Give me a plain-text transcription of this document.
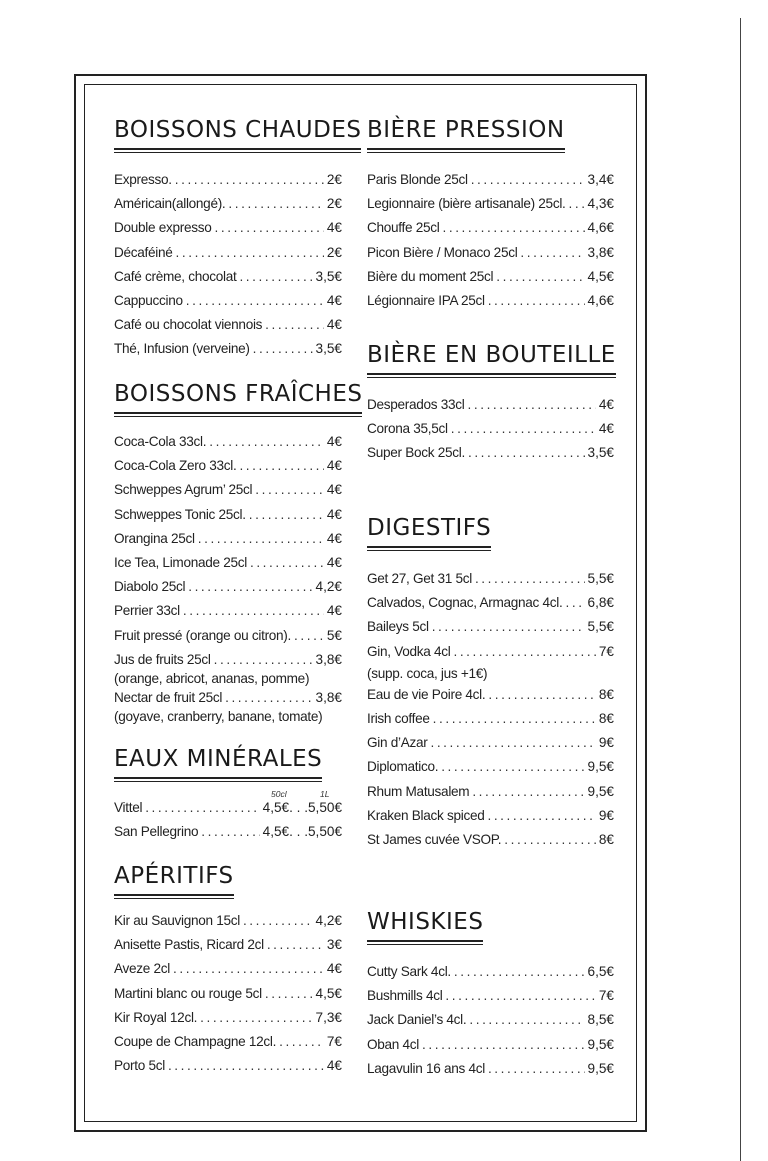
BOISSONS CHAUDES
Expresso. . . .	2€
Américain(allongé). . . .	2€
Double expresso . . .	4€
Décaféiné . . .	2€
Café crème, chocolat . . .	3,5€
Cappuccino . . .	4€
Café ou chocolat viennois . . .	4€
Thé, Infusion (verveine) . . .	3,5€
BOISSONS FRAÎCHES
Coca-Cola 33cl. . . .	4€
Coca-Cola Zero 33cl. . . .	4€
Schweppes Agrum’ 25cl . . .	4€
Schweppes Tonic 25cl. . . .	4€
Orangina 25cl . . .	4€
Ice Tea, Limonade 25cl . . .	4€
Diabolo 25cl . . .	4,2€
Perrier 33cl . . .	4€
Fruit pressé (orange ou citron). . . .	5€
Jus de fruits 25cl . . .	3,8€
(orange, abricot, ananas, pomme)
Nectar de fruit 25cl . . .	3,8€
(goyave, cranberry, banane, tomate)
EAUX MINÉRALES
50cl	1L
Vittel . . .	4,5€. . .5,50€
San Pellegrino . . .	4,5€. . .5,50€
APÉRITIFS
Kir au Sauvignon 15cl . . .	4,2€
Anisette Pastis, Ricard 2cl . . .	3€
Aveze 2cl . . .	4€
Martini blanc ou rouge 5cl . . .	4,5€
Kir Royal 12cl. . . .	7,3€
Coupe de Champagne 12cl. . . .	7€
Porto 5cl . . .	4€
BIÈRE PRESSION
Paris Blonde 25cl . . .	3,4€
Legionnaire (bière artisanale) 25cl. . . . 4,3€
Chouffe 25cl . . .	4,6€
Picon Bière / Monaco 25cl . . .	3,8€
Bière du moment 25cl . . .	4,5€
Légionnaire IPA 25cl . . .	4,6€
BIÈRE EN BOUTEILLE
Desperados 33cl . . .	4€
Corona 35,5cl . . .	4€
Super Bock 25cl. . . .	3,5€
DIGESTIFS
Get 27, Get 31 5cl . . .	5,5€
Calvados, Cognac, Armagnac 4cl. . . . 6,8€
Baileys 5cl . . .	5,5€
Gin, Vodka 4cl . . .	7€
(supp. coca, jus +1€)
Eau de vie Poire 4cl. . . .	8€
Irish coffee . . .	8€
Gin d’Azar . . .	9€
Diplomatico. . . .	9,5€
Rhum Matusalem . . .	9,5€
Kraken Black spiced . . .	9€
St James cuvée VSOP. . . .	8€
WHISKIES
Cutty Sark 4cl. . . .	6,5€
Bushmills 4cl . . .	7€
Jack Daniel’s 4cl. . . .	8,5€
Oban 4cl . . .	9,5€
Lagavulin 16 ans 4cl . . .	9,5€
